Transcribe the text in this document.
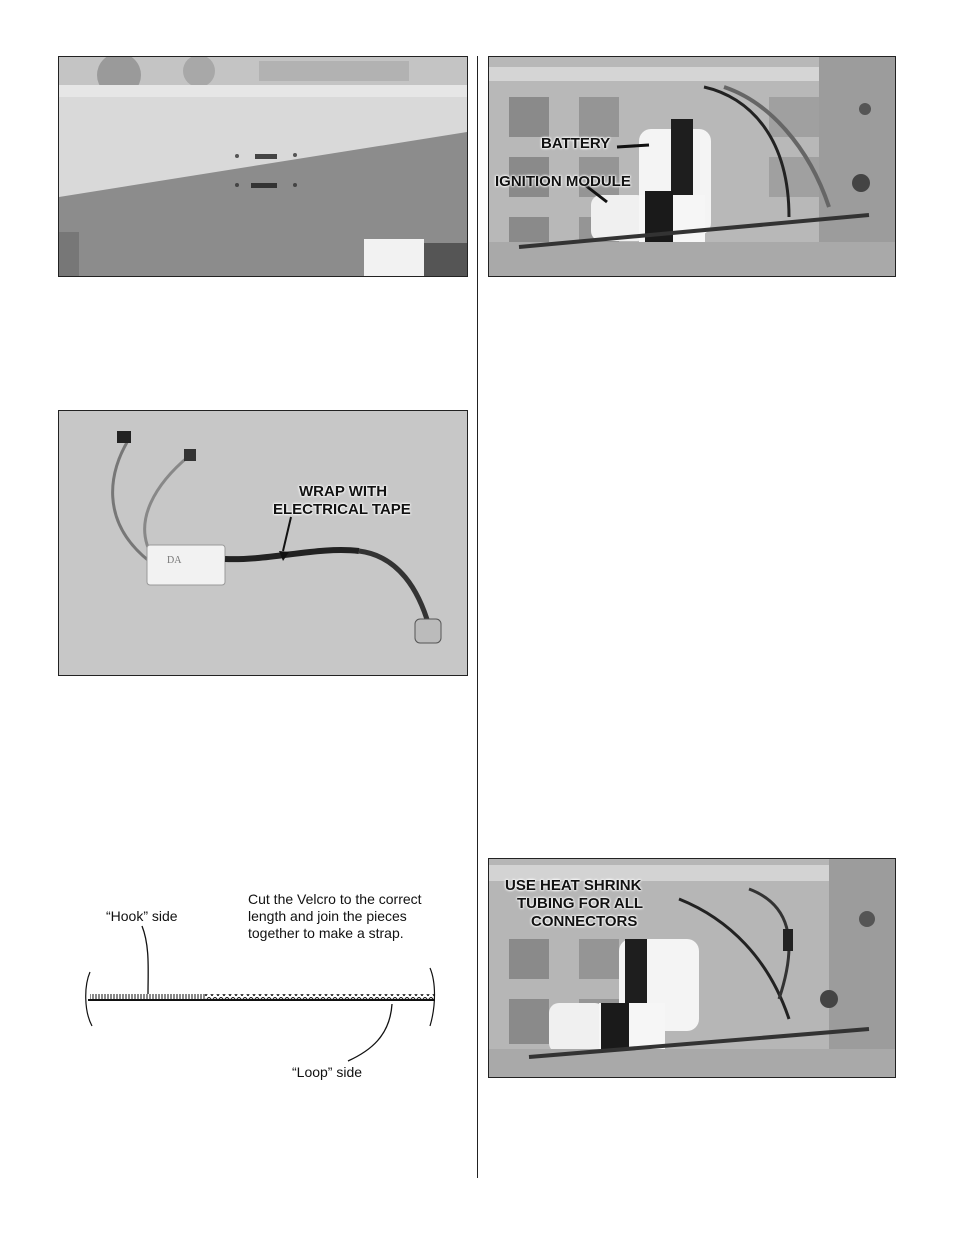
BATTERY
IGNITION MODULE
DA
WRAP WITH
ELECTRICAL TAPE
“Hook” side
Cut the Velcro to the correct
length and join the pieces
together to make a strap.
“Loop” side
USE HEAT SHRINK
TUBING FOR ALL
CONNECTORS
